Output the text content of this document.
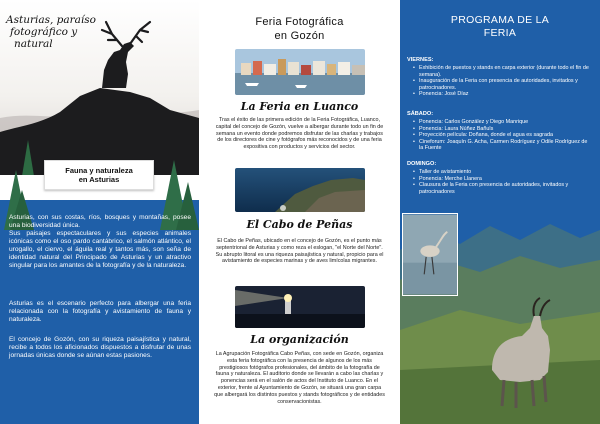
Asturias, paraíso
fotográfico y
natural
Fauna y naturaleza
en Asturias
Asturias, con sus costas, ríos, bosques y montañas, posee una biodiversidad única.
Sus paisajes espectaculares y sus especies animales icónicas como el oso pardo cantábrico, el salmón atlántico, el urogallo, el ciervo, el águila real y tantos más, son seña de identidad natural del Principado de Asturias y un atractivo singular para los amantes de la fotografía y de la naturaleza.
Asturias es el escenario perfecto para albergar una feria relacionada con la fotografía y avistamiento de fauna y naturaleza.
El concejo de Gozón, con su riqueza paisajística y natural, recibe a todos los aficionados dispuestos a disfrutar de unas jornadas únicas donde se aúnan estas pasiones.
Feria Fotográfica
en Gozón
La Feria en Luanco
Tras el éxito de las primera edición de la Feria Fotográfica, Luanco, capital del concejo de Gozón, vuelve a albergar durante todo un fin de semana un evento donde podremos disfrutar de las charlas y trabajos de los directores de cine y fotógrafos más reconocidos y de una feria expositiva con productos y servicios del sector.
El Cabo de Peñas
El Cabo de Peñas, ubicado en el concejo de Gozón, es el punto más septentrional de Asturias y como reza el eslogan, "el Norte del Norte". Su abrupto litoral es una riqueza paisajística y natural, propicio para el avistamiento de especies marinas y de aves limícolas migrantes.
La organización
La Agrupación Fotográfica Cabo Peñas, con sede en Gozón, organiza esta feria fotográfica con la presencia de algunos de los más prestigiosos fotógrafos profesionales, del ámbito de la fotografía de fauna y naturaleza. El auditorio donde se llevarán a cabo las charlas y ponencias será en el salón de actos del Instituto de Luanco. En el exterior, frente al Ayuntamiento de Gozón, se situará una gran carpa que albergará los distintos puestos y stands fotográficos y de entidades conservacionistas.
PROGRAMA DE LA
FERIA
VIERNES:
• Exhibición de puestos y stands en carpa exterior (durante todo el fin de semana).
• Inauguración de la Feria con presencia de autoridades, invitados y patrocinadores.
• Ponencia: José Díaz
SÁBADO:
• Ponencia: Carlos González y Diego Manrique
• Ponencia: Laura Núñez Bañuls
• Proyección película: Doñana, donde el agua es sagrada
• Cineforum: Joaquín G. Acha, Carmen Rodríguez y Odile Rodríguez de la Fuente
DOMINGO:
• Taller de avistamiento
• Ponencia: Merche Llanera
• Clausura de la Feria con presencia de autoridades, invitados y patrocinadores
